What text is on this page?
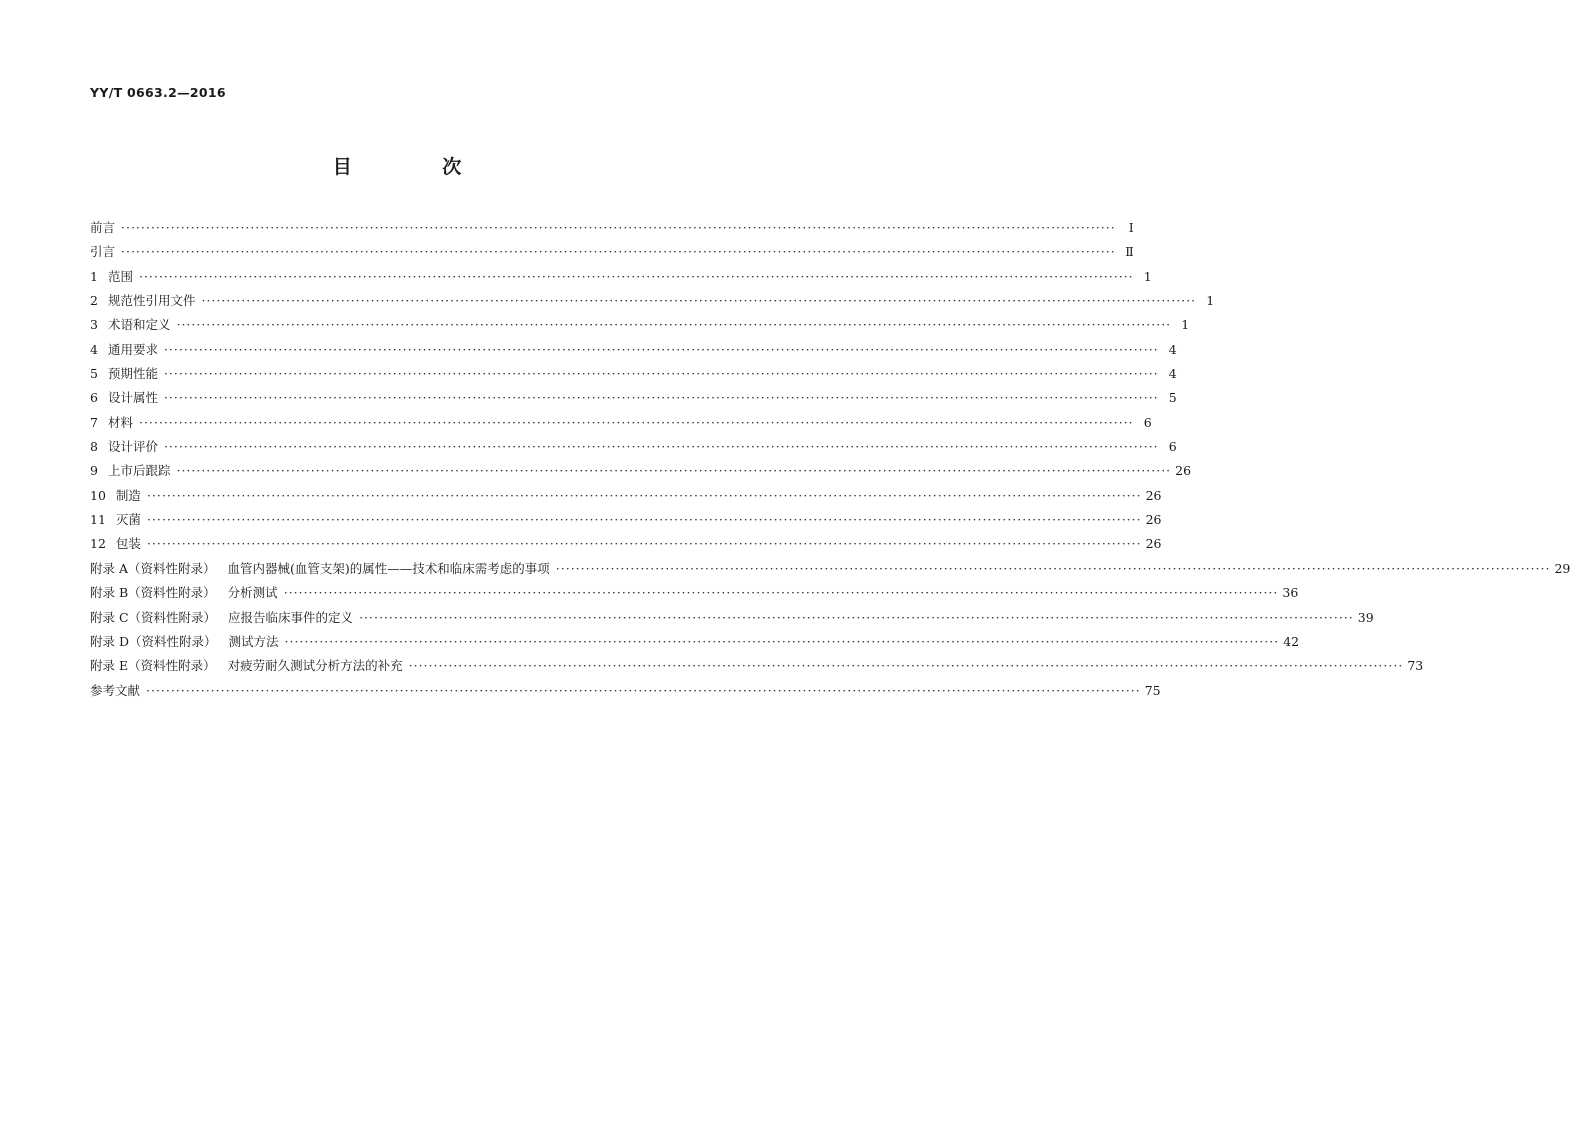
YY/T 0663.2—2016
目 次
前言 ········································································································································································································	Ⅰ
引言 ········································································································································································································ Ⅱ
1 范围 ········································································································································································································ 1
2 规范性引用文件 ········································································································································································································ 1
3 术语和定义 ········································································································································································································ 1
4 通用要求 ········································································································································································································ 4
5 预期性能 ········································································································································································································ 4
6 设计属性 ········································································································································································································ 5
7 材料 ········································································································································································································ 6
8 设计评价 ········································································································································································································ 6
9 上市后跟踪 ········································································································································································································ 26
10 制造 ········································································································································································································ 26
11 灭菌 ········································································································································································································ 26
12 包装 ········································································································································································································ 26
附录 A（资料性附录） 血管内器械(血管支架)的属性——技术和临床需考虑的事项 ········································································································································································································ 29
附录 B（资料性附录） 分析测试 ········································································································································································································ 36
附录 C（资料性附录） 应报告临床事件的定义 ········································································································································································································ 39
附录 D（资料性附录） 测试方法 ········································································································································································································ 42
附录 E（资料性附录） 对疲劳耐久测试分析方法的补充 ········································································································································································································ 73
参考文献 ········································································································································································································ 75
